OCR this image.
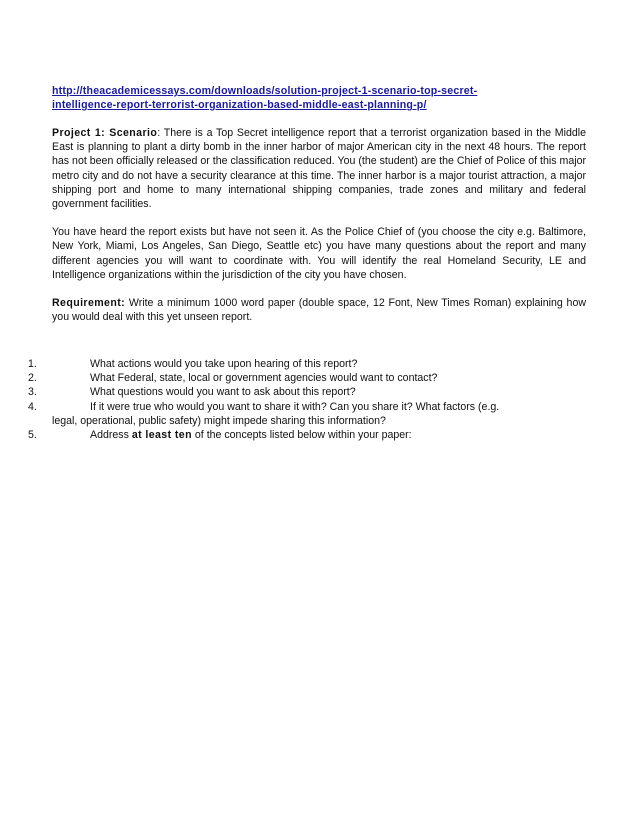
http://theacademicessays.com/downloads/solution-project-1-scenario-top-secret-
intelligence-report-terrorist-organization-based-middle-east-planning-p/

Project 1: Scenario: There is a Top Secret intelligence report that a terrorist organization based in the Middle East is planning to plant a dirty bomb in the inner harbor of major American city in the next 48 hours. The report has not been officially released or the classification reduced. You (the student) are the Chief of Police of this major metro city and do not have a security clearance at this time. The inner harbor is a major tourist attraction, a major shipping port and home to many international shipping companies, trade zones and military and federal government facilities.

You have heard the report exists but have not seen it. As the Police Chief of (you choose the city e.g. Baltimore, New York, Miami, Los Angeles, San Diego, Seattle etc) you have many questions about the report and many different agencies you will want to coordinate with. You will identify the real Homeland Security, LE and Intelligence organizations within the jurisdiction of the city you have chosen.

Requirement: Write a minimum 1000 word paper (double space, 12 Font, New Times Roman) explaining how you would deal with this yet unseen report.

1.	What actions would you take upon hearing of this report?
2.	What Federal, state, local or government agencies would want to contact?
3.	What questions would you want to ask about this report?
4.	If it were true who would you want to share it with? Can you share it? What factors (e.g.
legal, operational, public safety) might impede sharing this information?
5.	Address at least ten of the concepts listed below within your paper:
